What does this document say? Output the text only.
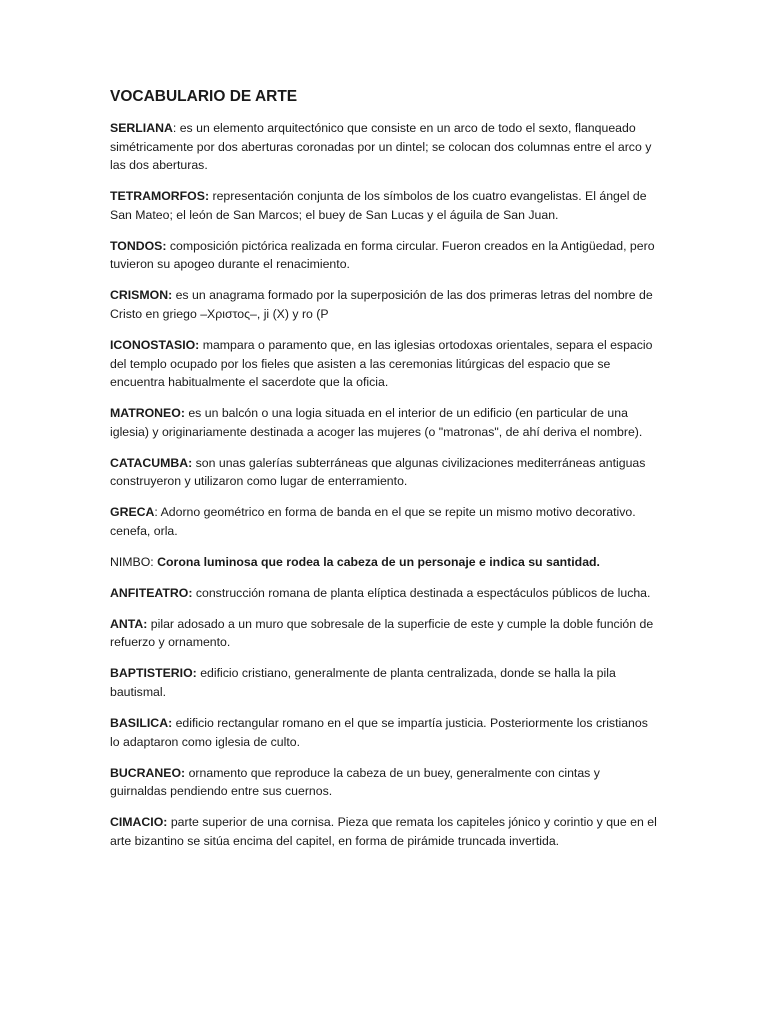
VOCABULARIO DE ARTE

SERLIANA: es un elemento arquitectónico que consiste en un arco de todo el sexto, flanqueado simétricamente por dos aberturas coronadas por un dintel; se colocan dos columnas entre el arco y las dos aberturas.

TETRAMORFOS: representación conjunta de los símbolos de los cuatro evangelistas. El ángel de San Mateo; el león de San Marcos; el buey de San Lucas y el águila de San Juan.

TONDOS: composición pictórica realizada en forma circular. Fueron creados en la Antigüedad, pero tuvieron su apogeo durante el renacimiento.

CRISMON: es un anagrama formado por la superposición de las dos primeras letras del nombre de Cristo en griego –Χριστος–, ji (X) y ro (P

ICONOSTASIO: mampara o paramento que, en las iglesias ortodoxas orientales, separa el espacio del templo ocupado por los fieles que asisten a las ceremonias litúrgicas del espacio que se encuentra habitualmente el sacerdote que la oficia.

MATRONEO: es un balcón o una logia situada en el interior de un edificio (en particular de una iglesia) y originariamente destinada a acoger las mujeres (o "matronas", de ahí deriva el nombre).

CATACUMBA: son unas galerías subterráneas que algunas civilizaciones mediterráneas antiguas construyeron y utilizaron como lugar de enterramiento.

GRECA: Adorno geométrico en forma de banda en el que se repite un mismo motivo decorativo. cenefa, orla.

NIMBO: Corona luminosa que rodea la cabeza de un personaje e indica su santidad.

ANFITEATRO: construcción romana de planta elíptica destinada a espectáculos públicos de lucha.

ANTA: pilar adosado a un muro que sobresale de la superficie de este y cumple la doble función de refuerzo y ornamento.

BAPTISTERIO: edificio cristiano, generalmente de planta centralizada, donde se halla la pila bautismal.

BASILICA: edificio rectangular romano en el que se impartía justicia. Posteriormente los cristianos lo adaptaron como iglesia de culto.

BUCRANEO: ornamento que reproduce la cabeza de un buey, generalmente con cintas y guirnaldas pendiendo entre sus cuernos.

CIMACIO: parte superior de una cornisa. Pieza que remata los capiteles jónico y corintio y que en el arte bizantino se sitúa encima del capitel, en forma de pirámide truncada invertida.
